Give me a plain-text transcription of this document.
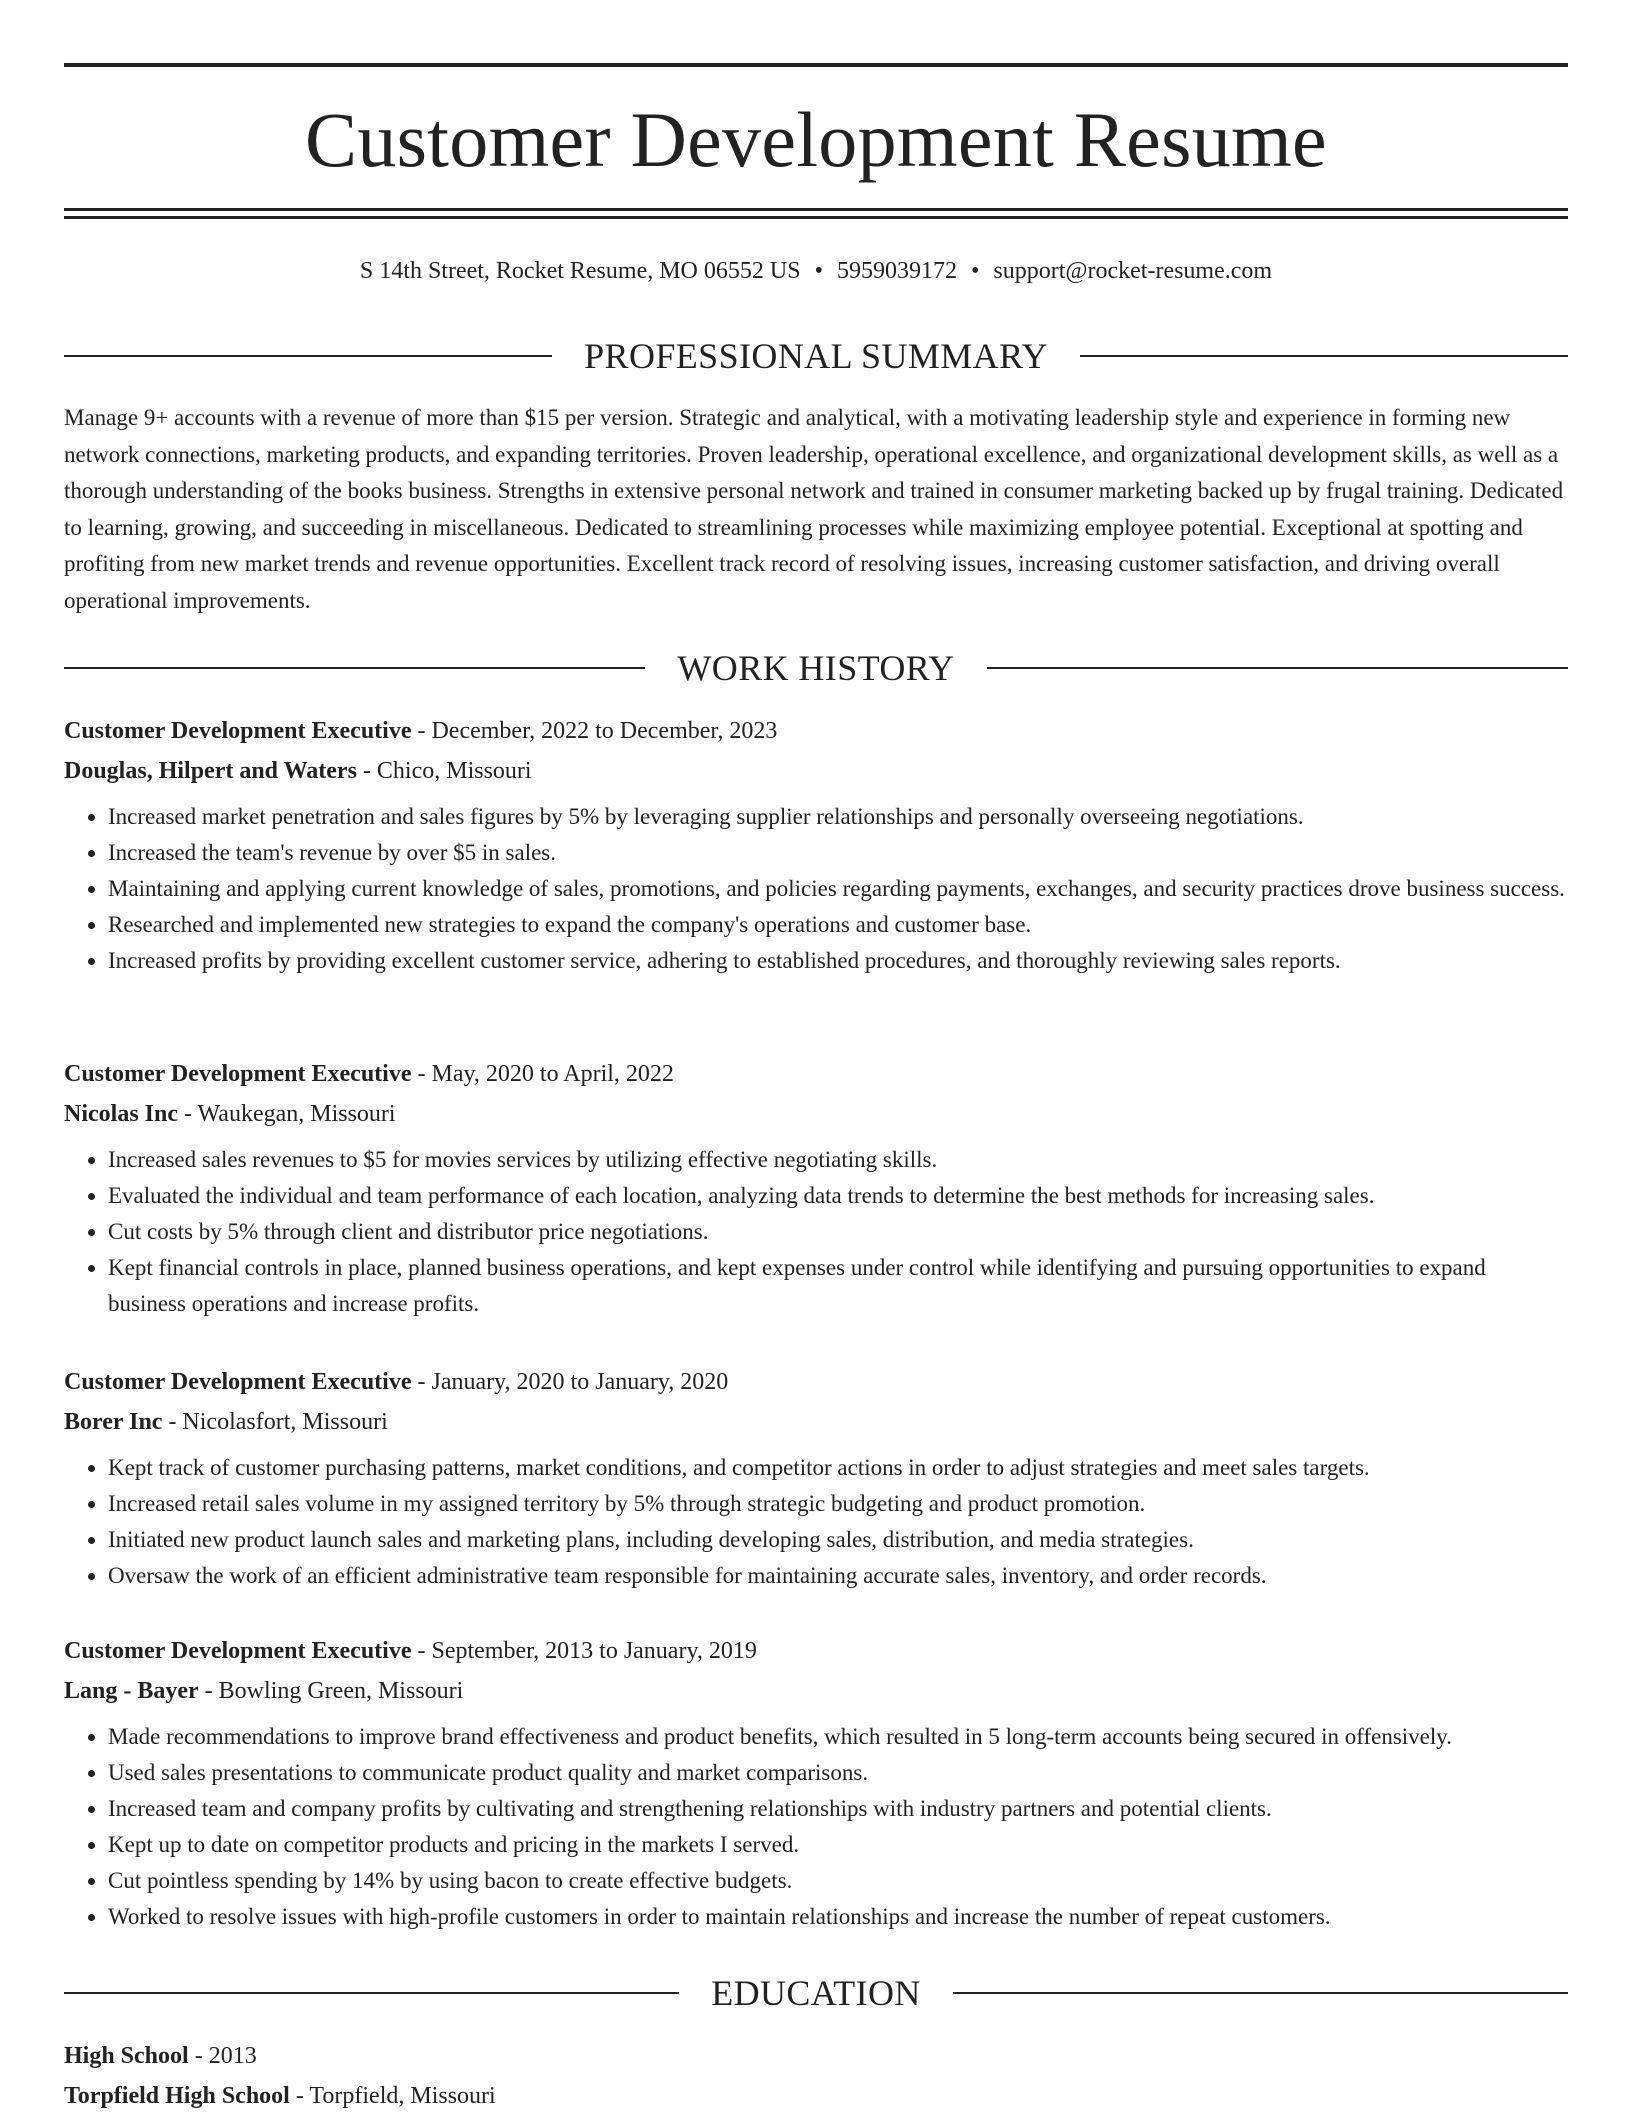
Customer Development Resume
S 14th Street, Rocket Resume, MO 06552 US • 5959039172 • support@rocket-resume.com
PROFESSIONAL SUMMARY

Manage 9+ accounts with a revenue of more than $15 per version. Strategic and analytical, with a motivating leadership style and experience in forming new network connections, marketing products, and expanding territories. Proven leadership, operational excellence, and organizational development skills, as well as a thorough understanding of the books business. Strengths in extensive personal network and trained in consumer marketing backed up by frugal training. Dedicated to learning, growing, and succeeding in miscellaneous. Dedicated to streamlining processes while maximizing employee potential. Exceptional at spotting and profiting from new market trends and revenue opportunities. Excellent track record of resolving issues, increasing customer satisfaction, and driving overall operational improvements.

WORK HISTORY
Customer Development Executive - December, 2022 to December, 2023
Douglas, Hilpert and Waters - Chico, Missouri
• Increased market penetration and sales figures by 5% by leveraging supplier relationships and personally overseeing negotiations.
• Increased the team's revenue by over $5 in sales.
• Maintaining and applying current knowledge of sales, promotions, and policies regarding payments, exchanges, and security practices drove business success.
• Researched and implemented new strategies to expand the company's operations and customer base.
• Increased profits by providing excellent customer service, adhering to established procedures, and thoroughly reviewing sales reports.
Customer Development Executive - May, 2020 to April, 2022
Nicolas Inc - Waukegan, Missouri
• Increased sales revenues to $5 for movies services by utilizing effective negotiating skills.
• Evaluated the individual and team performance of each location, analyzing data trends to determine the best methods for increasing sales.
• Cut costs by 5% through client and distributor price negotiations.
• Kept financial controls in place, planned business operations, and kept expenses under control while identifying and pursuing opportunities to expand business operations and increase profits.
Customer Development Executive - January, 2020 to January, 2020
Borer Inc - Nicolasfort, Missouri
• Kept track of customer purchasing patterns, market conditions, and competitor actions in order to adjust strategies and meet sales targets.
• Increased retail sales volume in my assigned territory by 5% through strategic budgeting and product promotion.
• Initiated new product launch sales and marketing plans, including developing sales, distribution, and media strategies.
• Oversaw the work of an efficient administrative team responsible for maintaining accurate sales, inventory, and order records.
Customer Development Executive - September, 2013 to January, 2019
Lang - Bayer - Bowling Green, Missouri
• Made recommendations to improve brand effectiveness and product benefits, which resulted in 5 long-term accounts being secured in offensively.
• Used sales presentations to communicate product quality and market comparisons.
• Increased team and company profits by cultivating and strengthening relationships with industry partners and potential clients.
• Kept up to date on competitor products and pricing in the markets I served.
• Cut pointless spending by 14% by using bacon to create effective budgets.
• Worked to resolve issues with high-profile customers in order to maintain relationships and increase the number of repeat customers.
EDUCATION
High School - 2013
Torpfield High School - Torpfield, Missouri
